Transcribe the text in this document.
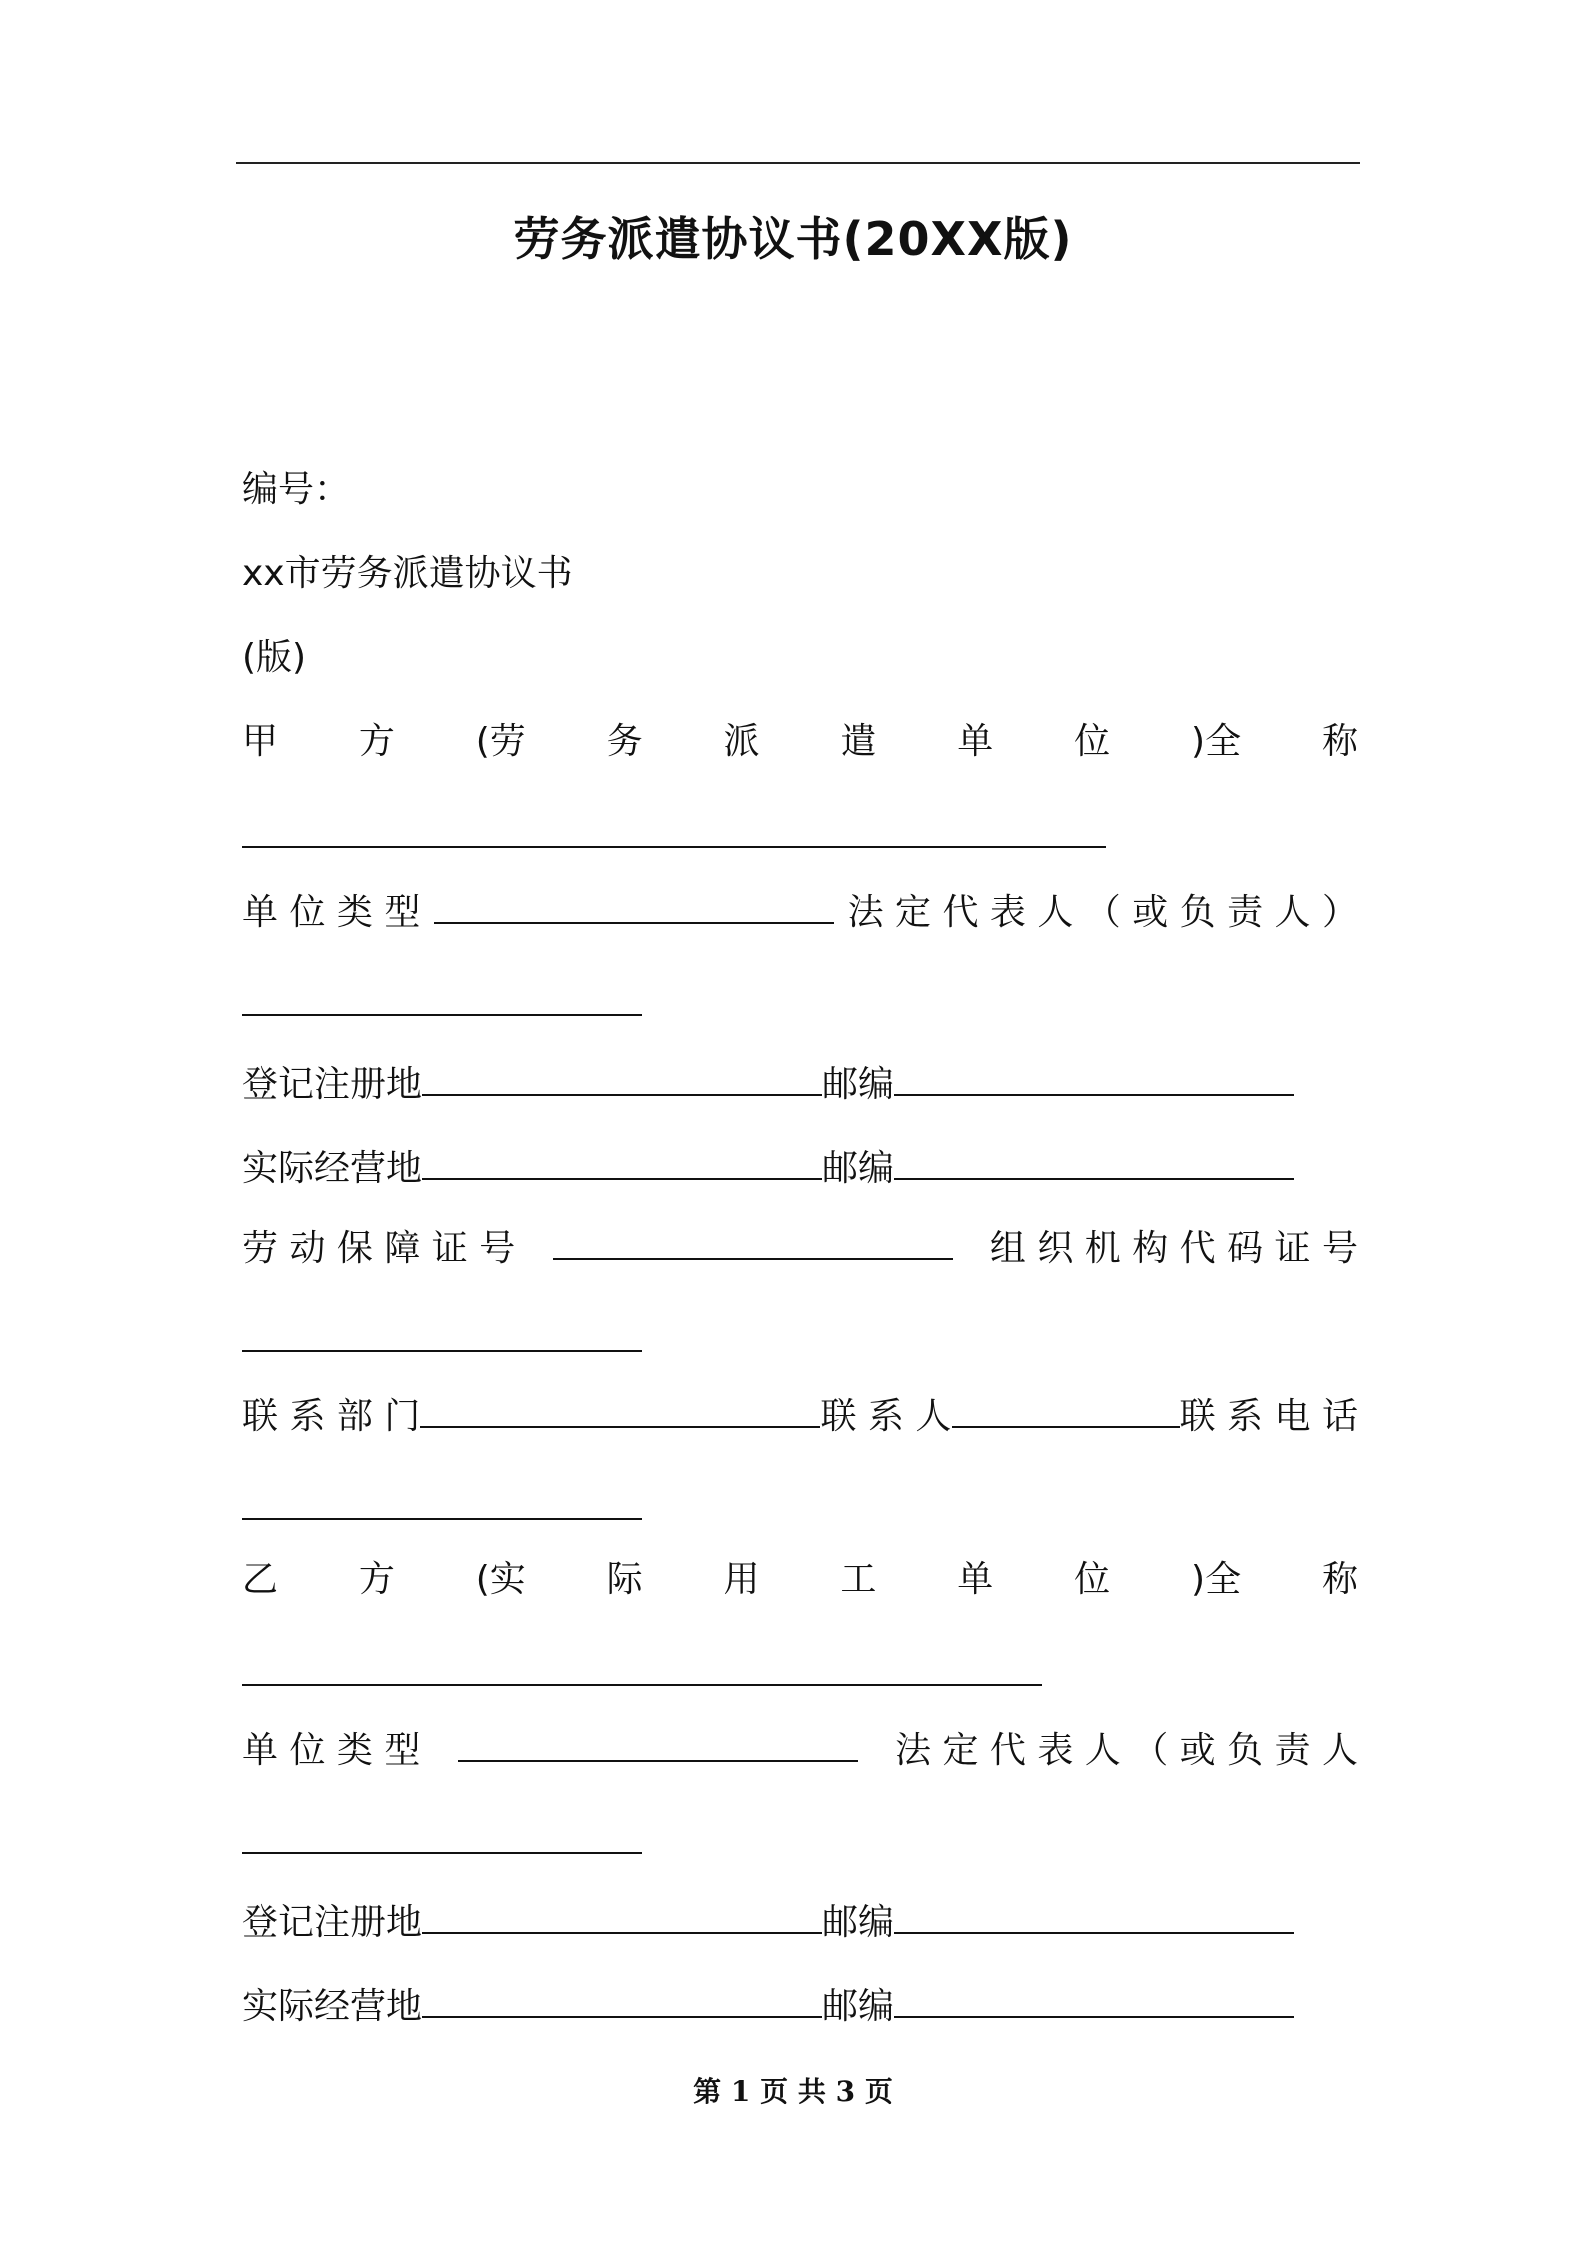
劳务派遣协议书(20XX版)
编号：
xx市劳务派遣协议书
(版)
甲 方 (劳 务 派 遣 单 位 )全 称
单 位 类 型	法 定 代 表 人 （ 或 负 责 人 ）
登记注册地	邮编
实际经营地	邮编
劳 动 保 障 证 号	组 织 机 构 代 码 证 号
联 系 部 门	联 系 人	联 系 电 话
乙 方 (实 际 用 工 单 位 )全 称
单 位 类 型	法 定 代 表 人 （ 或 负 责 人
登记注册地	邮编
实际经营地	邮编
第 1 页 共 3 页
